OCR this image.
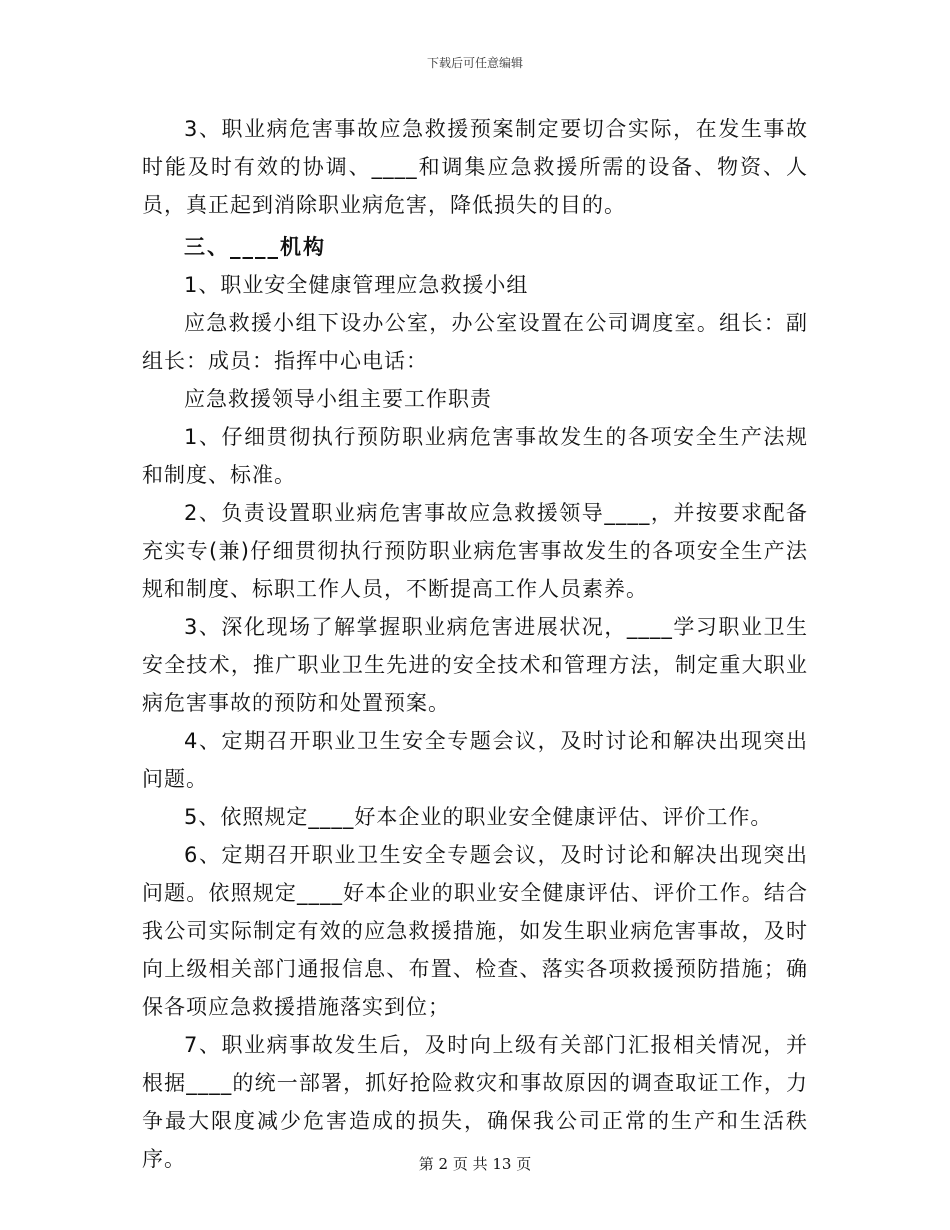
下载后可任意编辑

3、职业病危害事故应急救援预案制定要切合实际，在发生事故时能及时有效的协调、____和调集应急救援所需的设备、物资、人员，真正起到消除职业病危害，降低损失的目的。

三、____机构

1、职业安全健康管理应急救援小组

应急救援小组下设办公室，办公室设置在公司调度室。组长：副组长：成员：指挥中心电话：

应急救援领导小组主要工作职责

1、仔细贯彻执行预防职业病危害事故发生的各项安全生产法规和制度、标准。

2、负责设置职业病危害事故应急救援领导____，并按要求配备充实专(兼)仔细贯彻执行预防职业病危害事故发生的各项安全生产法规和制度、标职工作人员，不断提高工作人员素养。

3、深化现场了解掌握职业病危害进展状况，____学习职业卫生安全技术，推广职业卫生先进的安全技术和管理方法，制定重大职业病危害事故的预防和处置预案。

4、定期召开职业卫生安全专题会议，及时讨论和解决出现突出问题。

5、依照规定____好本企业的职业安全健康评估、评价工作。

6、定期召开职业卫生安全专题会议，及时讨论和解决出现突出问题。依照规定____好本企业的职业安全健康评估、评价工作。结合我公司实际制定有效的应急救援措施，如发生职业病危害事故，及时向上级相关部门通报信息、布置、检查、落实各项救援预防措施；确保各项应急救援措施落实到位；

7、职业病事故发生后，及时向上级有关部门汇报相关情况，并根据____的统一部署，抓好抢险救灾和事故原因的调查取证工作，力争最大限度减少危害造成的损失，确保我公司正常的生产和生活秩序。	第 2 页 共 13 页
